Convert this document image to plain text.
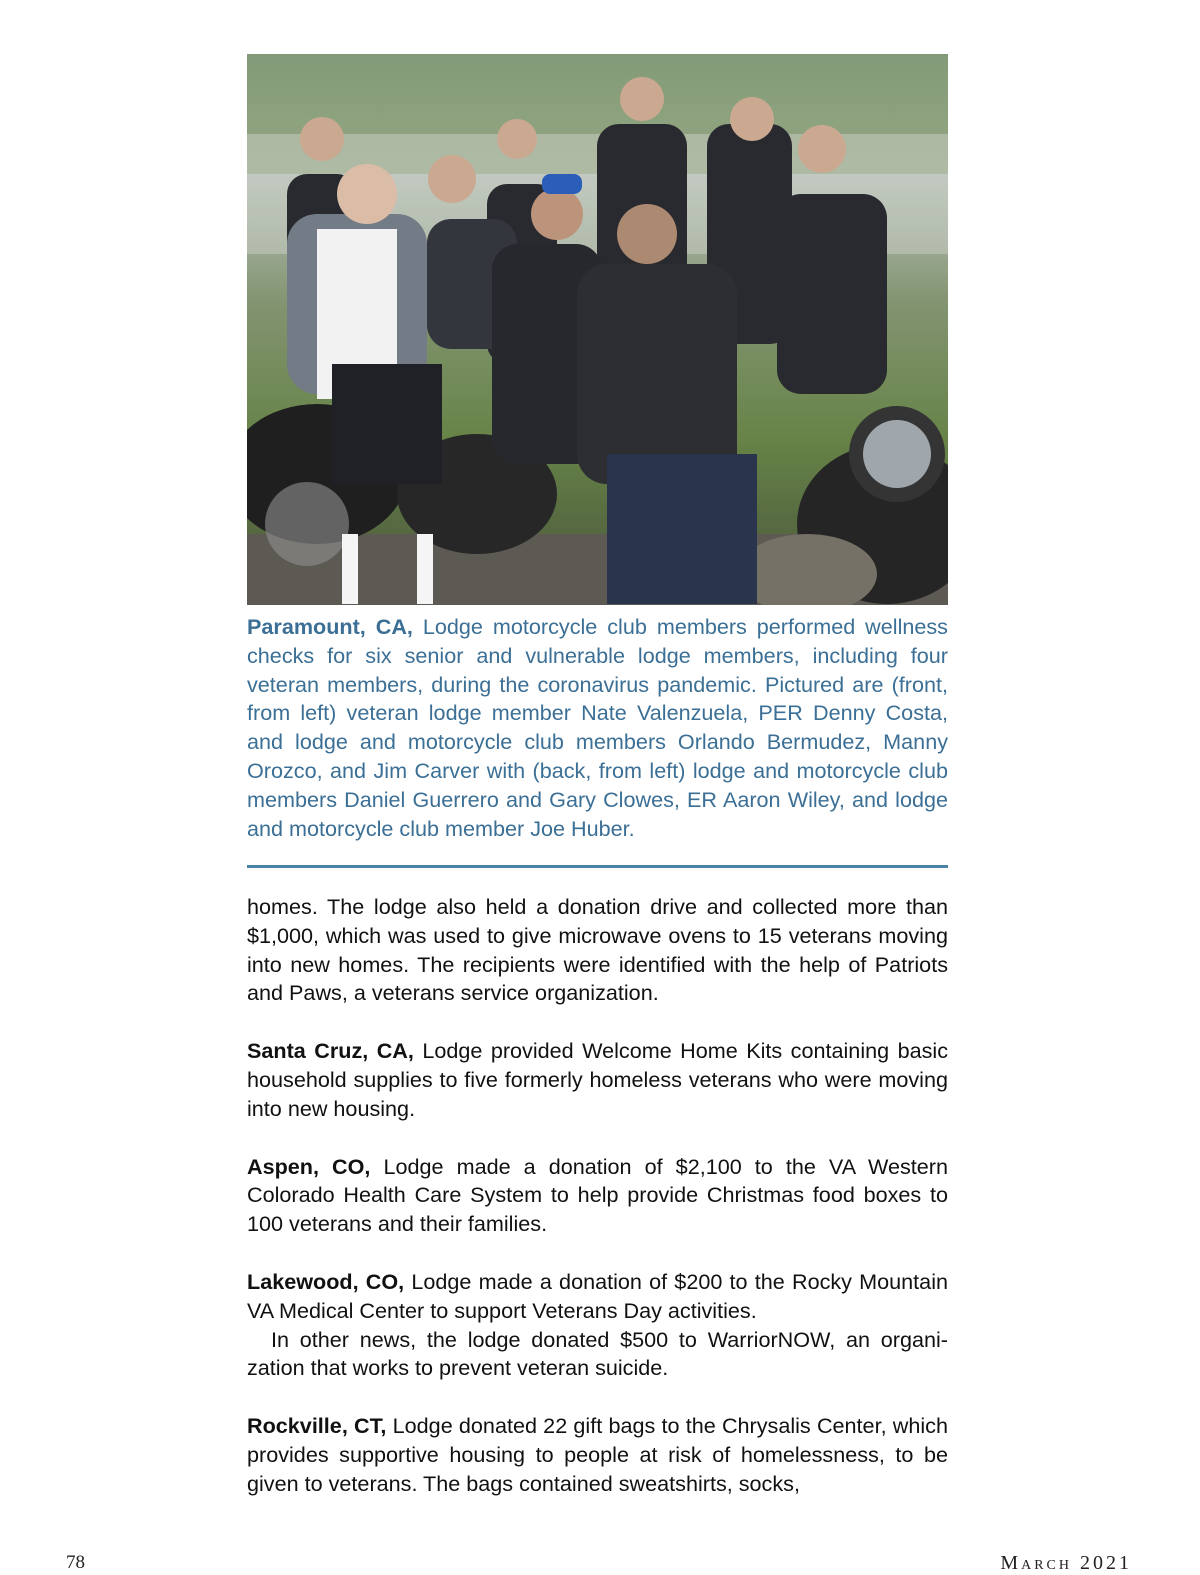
Paramount, CA, Lodge motorcycle club members performed wellness checks for six senior and vulnerable lodge members, including four veteran members, during the coronavirus pandemic. Pictured are (front, from left) veteran lodge member Nate Valenzuela, PER Denny Costa, and lodge and motorcycle club members Orlando Bermudez, Manny Orozco, and Jim Carver with (back, from left) lodge and motorcycle club members Daniel Guerrero and Gary Clowes, ER Aaron Wiley, and lodge and motorcycle club member Joe Huber.

homes. The lodge also held a donation drive and collected more than $1,000, which was used to give microwave ovens to 15 veterans moving into new homes. The recipients were identified with the help of Patriots and Paws, a veterans service organization.

Santa Cruz, CA, Lodge provided Welcome Home Kits containing basic household supplies to five formerly homeless veterans who were moving into new housing.

Aspen, CO, Lodge made a donation of $2,100 to the VA Western Colorado Health Care System to help provide Christmas food boxes to 100 veterans and their families.

Lakewood, CO, Lodge made a donation of $200 to the Rocky Mountain VA Medical Center to support Veterans Day activities.

In other news, the lodge donated $500 to WarriorNOW, an organi-zation that works to prevent veteran suicide.

Rockville, CT, Lodge donated 22 gift bags to the Chrysalis Center, which provides supportive housing to people at risk of homelessness, to be given to veterans. The bags contained sweatshirts, socks,

78	March 2021
